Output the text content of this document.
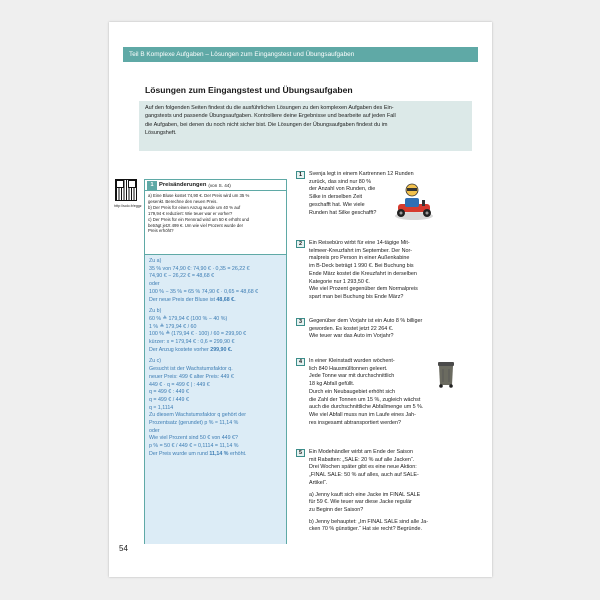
Teil B Komplexe Aufgaben – Lösungen zum Eingangstest und Übungsaufgaben
Lösungen zum Eingangstest und Übungsaufgaben
Auf den folgenden Seiten findest du die ausführlichen Lösungen zu den komplexen Aufgaben des Ein-
gangstests und passende Übungsaufgaben. Kontrolliere deine Ergebnisse und bearbeite auf jeden Fall
die Aufgaben, bei denen du noch nicht sicher bist. Die Lösungen der Übungsaufgaben findest du im
Lösungsheft.
http://solo.fr/eggz
1 Preisänderungen (von S. 44)
a) Eine Bluse kostet 74,90 €. Der Preis wird um 35 %
gesenkt. Berechne den neuen Preis.
b) Der Preis für einen Anzug wurde um 40 % auf
179,94 € reduziert: Wie teuer war er vorher?
c) Der Preis für ein Rennrad wird um 50 € erhöht und
beträgt jetzt 499 €. Um wie viel Prozent wurde der
Preis erhöht?
Zu a)
35 % von 74,90 €: 74,90 € · 0,35 = 26,22 €
74,90 € − 26,22 € = 48,68 €
oder
100 % − 35 % = 65 % 74,90 € · 0,65 = 48,68 €
Der neue Preis der Bluse ist 48,68 €.
Zu b)
60 % ≙ 179,94 € (100 % − 40 %)
1 % ≙ 179,94 € / 60
100 % ≙ (179,94 € · 100) / 60 = 299,90 €
kürzer: x = 179,94 € : 0,6 = 299,90 €
Der Anzug kostete vorher 299,90 €.
Zu c)
Gesucht ist der Wachstumsfaktor q.
neuer Preis: 499 € alter Preis: 449 €
449 € · q = 499 € | : 449 €
q = 499 € : 449 €
q = 499 € / 449 €
q ≈ 1,1114
Zu diesem Wachstumsfaktor q gehört der
Prozentsatz (gerundet) p % ≈ 11,14 %
oder
Wie viel Prozent sind 50 € von 449 €?
p % = 50 € / 449 € ≈ 0,1114 = 11,14 %
Der Preis wurde um rund 11,14 % erhöht.
1	Svenja legt in einem Kartrennen 12 Runden
zurück, das sind nur 80 %
der Anzahl von Runden, die
Silke in derselben Zeit
geschafft hat. Wie viele
Runden hat Silke geschafft?
2	Ein Reisebüro wirbt für eine 14-tägige Mit-
telmeer-Kreuzfahrt im September. Der Nor-
malpreis pro Person in einer Außenkabine
im B-Deck beträgt 1 990 €. Bei Buchung bis
Ende März kostet die Kreuzfahrt in derselben
Kategorie nur 1 293,50 €.
Wie viel Prozent gegenüber dem Normalpreis
spart man bei Buchung bis Ende März?
3	Gegenüber dem Vorjahr ist ein Auto 8 % billiger
geworden. Es kostet jetzt 22 264 €.
Wie teuer war das Auto im Vorjahr?
4	In einer Kleinstadt wurden wöchent-
lich 840 Hausmülltonnen geleert.
Jede Tonne war mit durchschnittlich
18 kg Abfall gefüllt.
Durch ein Neubaugebiet erhöht sich
die Zahl der Tonnen um 15 %, zugleich wächst
auch die durchschnittliche Abfallmenge um 5 %.
Wie viel Abfall muss nun im Laufe eines Jah-
res insgesamt abtransportiert werden?
5	Ein Modehändler wirbt am Ende der Saison
mit Rabatten: „SALE: 20 % auf alle Jacken“.
Drei Wochen später gibt es eine neue Aktion:
„FINAL SALE: 50 % auf alles, auch auf SALE-
Artikel“.
a) Jenny kauft sich eine Jacke im FINAL SALE
für 59 €. Wie teuer war diese Jacke regulär
zu Beginn der Saison?
b) Jenny behauptet: „Im FINAL SALE sind alle Ja-
cken 70 % günstiger.“ Hat sie recht? Begründe.
54
